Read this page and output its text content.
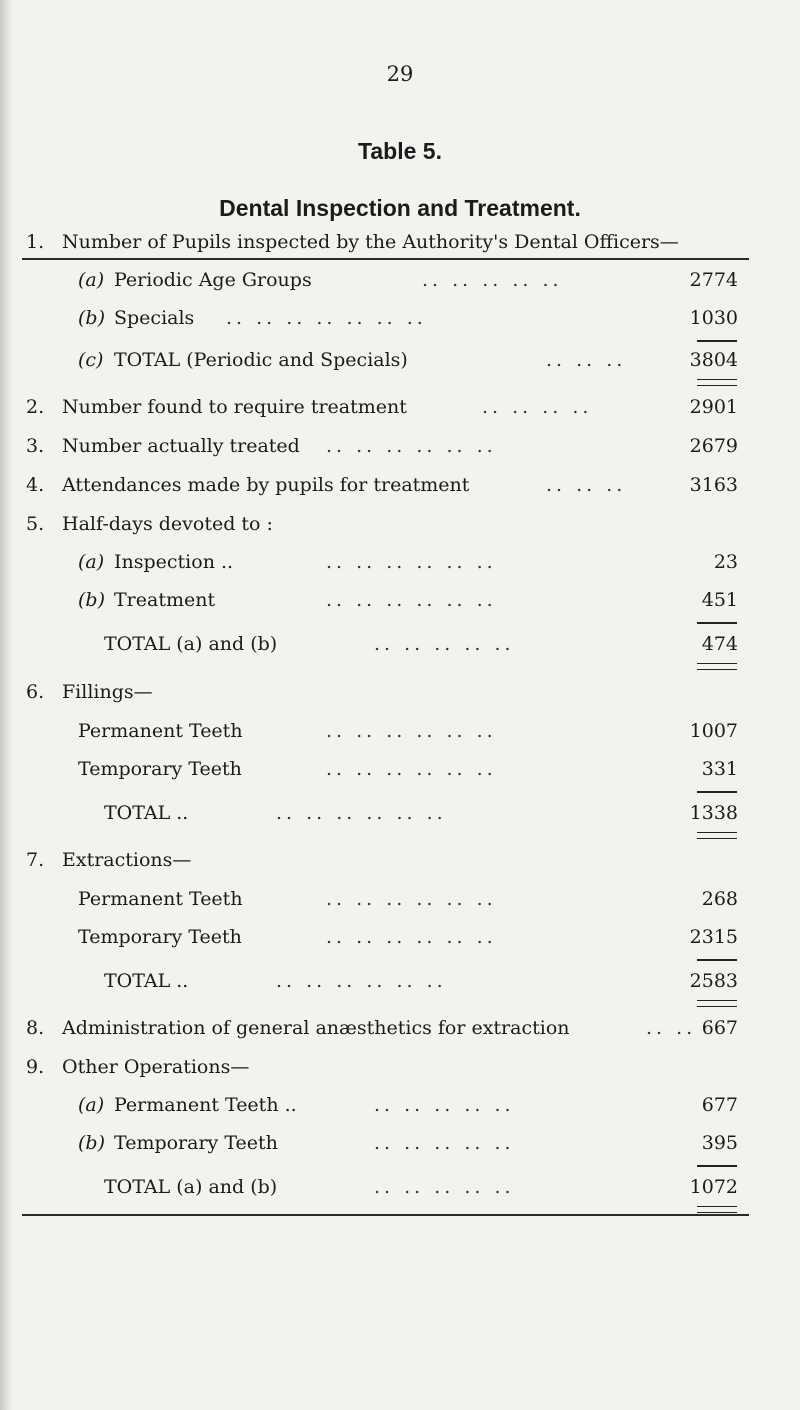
29
Table 5.
Dental Inspection and Treatment.
1. Number of Pupils inspected by the Authority's Dental Officers—
(a) Periodic Age Groups	.. .. .. .. ..	2774
(b) Specials .. .. .. .. .. .. ..	1030
(c) TOTAL (Periodic and Specials)	.. .. ..	3804
2. Number found to require treatment	.. .. .. ..	2901
3. Number actually treated .. .. .. .. .. ..	2679
4. Attendances made by pupils for treatment	.. .. ..	3163
5. Half-days devoted to :
(a) Inspection ..	.. .. .. .. .. ..	23
(b) Treatment	.. .. .. .. .. ..	451
TOTAL (a) and (b)	.. .. .. .. ..	474
6. Fillings—
Permanent Teeth	.. .. .. .. .. ..	1007
Temporary Teeth	.. .. .. .. .. ..	331
TOTAL ..	.. .. .. .. .. ..	1338
7. Extractions—
Permanent Teeth	.. .. .. .. .. ..	268
Temporary Teeth	.. .. .. .. .. ..	2315
TOTAL ..	.. .. .. .. .. ..	2583
8. Administration of general anæsthetics for extraction	.. .. 667
9. Other Operations—
(a) Permanent Teeth ..	.. .. .. .. ..	677
(b) Temporary Teeth	.. .. .. .. ..	395
TOTAL (a) and (b)	.. .. .. .. ..	1072
